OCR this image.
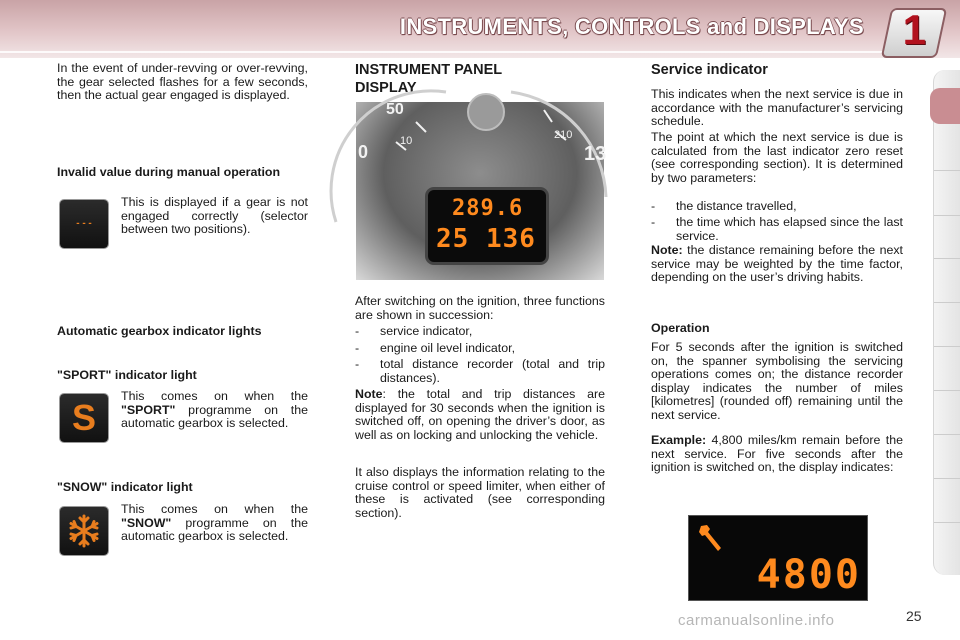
INSTRUMENTS, CONTROLS and DISPLAYS 1

In the event of under-revving or over-revving, the gear selected flashes for a few seconds, then the actual gear engaged is displayed.

Invalid value during manual operation

- - -

This is displayed if a gear is not engaged correctly (selector between two positions).

Automatic gearbox indicator lights

"SPORT" indicator light

S

This comes on when the "SPORT" programme on the automatic gearbox is selected.

"SNOW" indicator light

This comes on when the "SNOW" programme on the automatic gearbox is selected.

INSTRUMENT PANEL DISPLAY
50
10	210
0	13
289.6
25 136

After switching on the ignition, three functions are shown in succession:

- service indicator,

- engine oil level indicator,

- total distance recorder (total and trip distances).

Note: the total and trip distances are displayed for 30 seconds when the ignition is switched off, on opening the driver’s door, as well as on locking and unlocking the vehicle.

It also displays the information relating to the cruise control or speed limiter, when either of these is activated (see corresponding section).

Service indicator

This indicates when the next service is due in accordance with the manufacturer’s servicing schedule.

The point at which the next service is due is calculated from the last indicator zero reset (see corresponding section). It is determined by two parameters:

- the distance travelled,

- the time which has elapsed since the last service.

Note: the distance remaining before the next service may be weighted by the time factor, depending on the user’s driving habits.

Operation

For 5 seconds after the ignition is switched on, the spanner symbolising the servicing operations comes on; the distance recorder display indicates the number of miles [kilometres] (rounded off) remaining until the next service.

Example: 4,800 miles/km remain before the next service. For five seconds after the ignition is switched on, the display indicates:

4800
25
carmanualsonline.info
